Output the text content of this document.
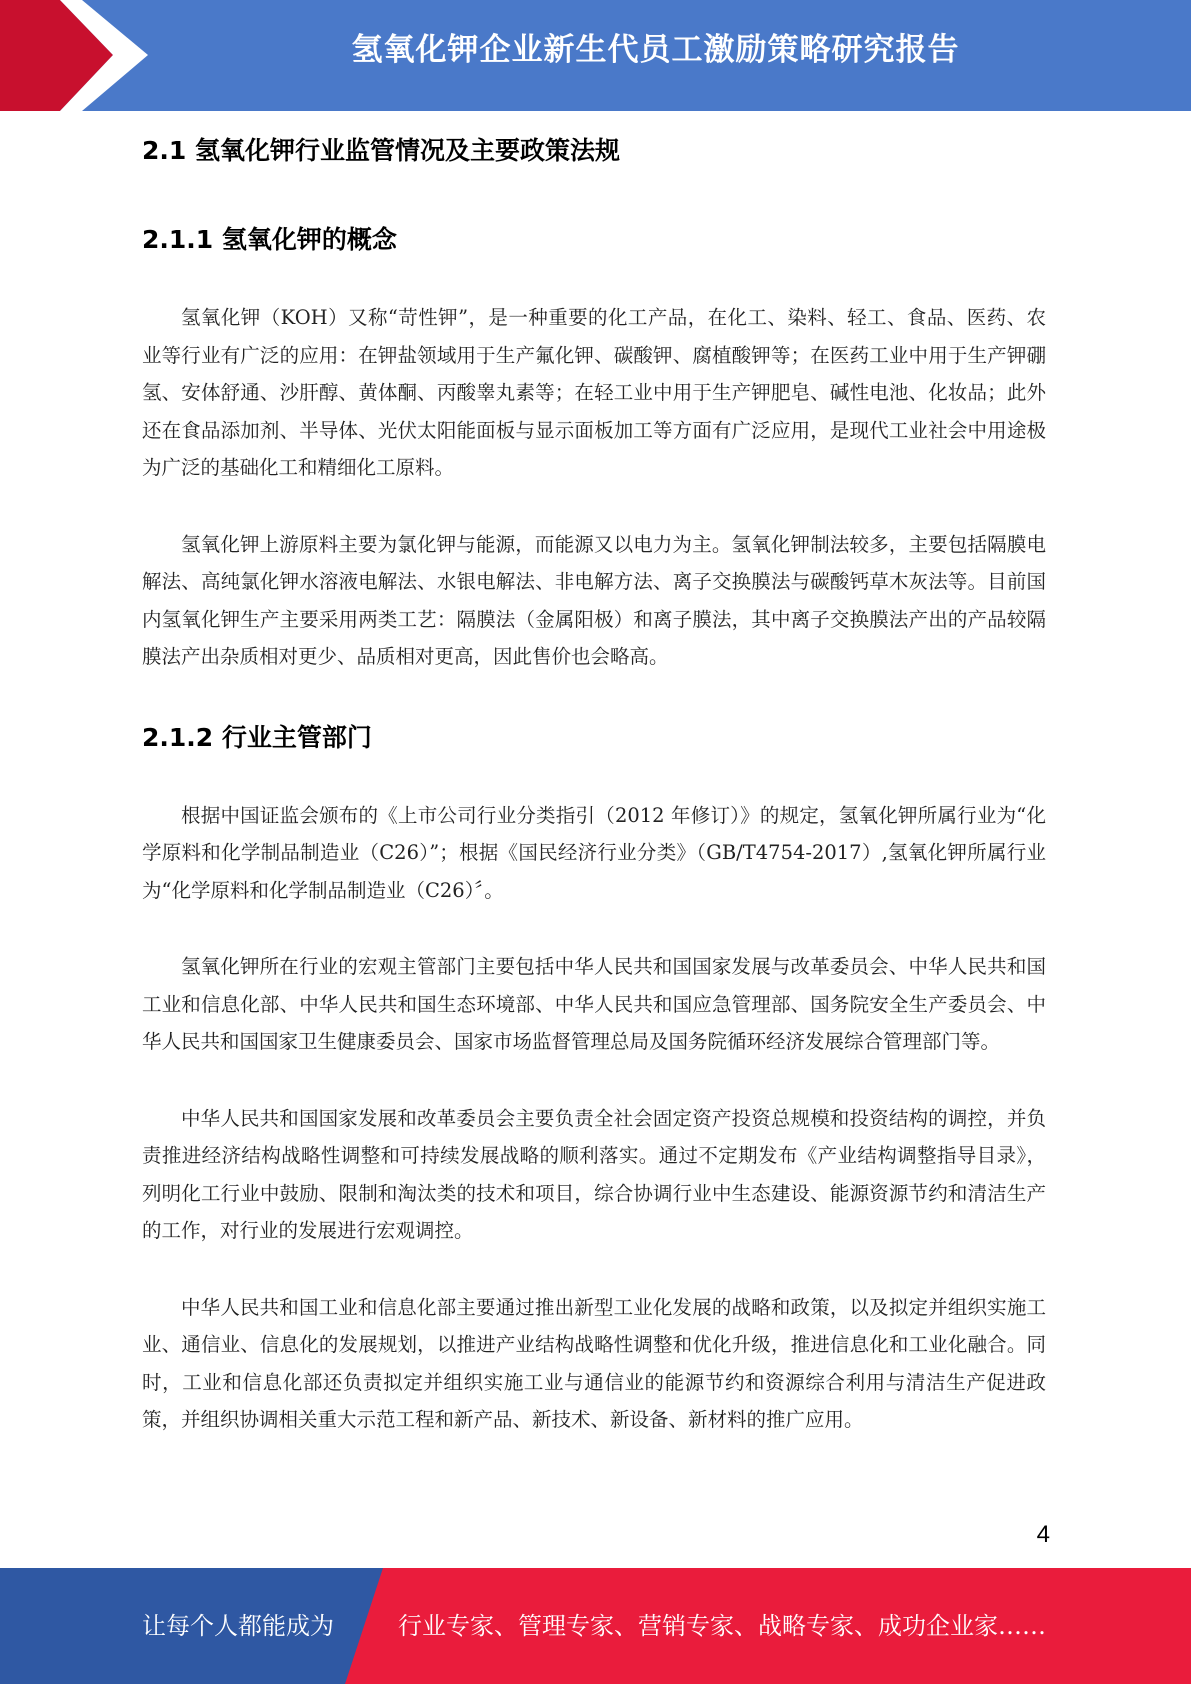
氢氧化钾企业新生代员工激励策略研究报告
2.1 氢氧化钾行业监管情况及主要政策法规
2.1.1 氢氧化钾的概念

氢氧化钾（KOH）又称“苛性钾”，是一种重要的化工产品，在化工、染料、轻工、食品、医药、农业等行业有广泛的应用：在钾盐领域用于生产氟化钾、碳酸钾、腐植酸钾等；在医药工业中用于生产钾硼氢、安体舒通、沙肝醇、黄体酮、丙酸睾丸素等；在轻工业中用于生产钾肥皂、碱性电池、化妆品；此外还在食品添加剂、半导体、光伏太阳能面板与显示面板加工等方面有广泛应用，是现代工业社会中用途极为广泛的基础化工和精细化工原料。

氢氧化钾上游原料主要为氯化钾与能源，而能源又以电力为主。氢氧化钾制法较多，主要包括隔膜电解法、高纯氯化钾水溶液电解法、水银电解法、非电解方法、离子交换膜法与碳酸钙草木灰法等。目前国内氢氧化钾生产主要采用两类工艺：隔膜法（金属阳极）和离子膜法，其中离子交换膜法产出的产品较隔膜法产出杂质相对更少、品质相对更高，因此售价也会略高。

2.1.2 行业主管部门

根据中国证监会颁布的《上市公司行业分类指引（2012 年修订）》的规定，氢氧化钾所属行业为“化学原料和化学制品制造业（C26）”；根据《国民经济行业分类》（GB/T4754-2017）,氢氧化钾所属行业为“化学原料和化学制品制造业（C26）〞。

氢氧化钾所在行业的宏观主管部门主要包括中华人民共和国国家发展与改革委员会、中华人民共和国工业和信息化部、中华人民共和国生态环境部、中华人民共和国应急管理部、国务院安全生产委员会、中华人民共和国国家卫生健康委员会、国家市场监督管理总局及国务院循环经济发展综合管理部门等。

中华人民共和国国家发展和改革委员会主要负责全社会固定资产投资总规模和投资结构的调控，并负责推进经济结构战略性调整和可持续发展战略的顺利落实。通过不定期发布《产业结构调整指导目录》，列明化工行业中鼓励、限制和淘汰类的技术和项目，综合协调行业中生态建设、能源资源节约和清洁生产的工作，对行业的发展进行宏观调控。

中华人民共和国工业和信息化部主要通过推出新型工业化发展的战略和政策，以及拟定并组织实施工业、通信业、信息化的发展规划，以推进产业结构战略性调整和优化升级，推进信息化和工业化融合。同时，工业和信息化部还负责拟定并组织实施工业与通信业的能源节约和资源综合利用与清洁生产促进政策，并组织协调相关重大示范工程和新产品、新技术、新设备、新材料的推广应用。

4
让每个人都能成为	行业专家、管理专家、营销专家、战略专家、成功企业家……
